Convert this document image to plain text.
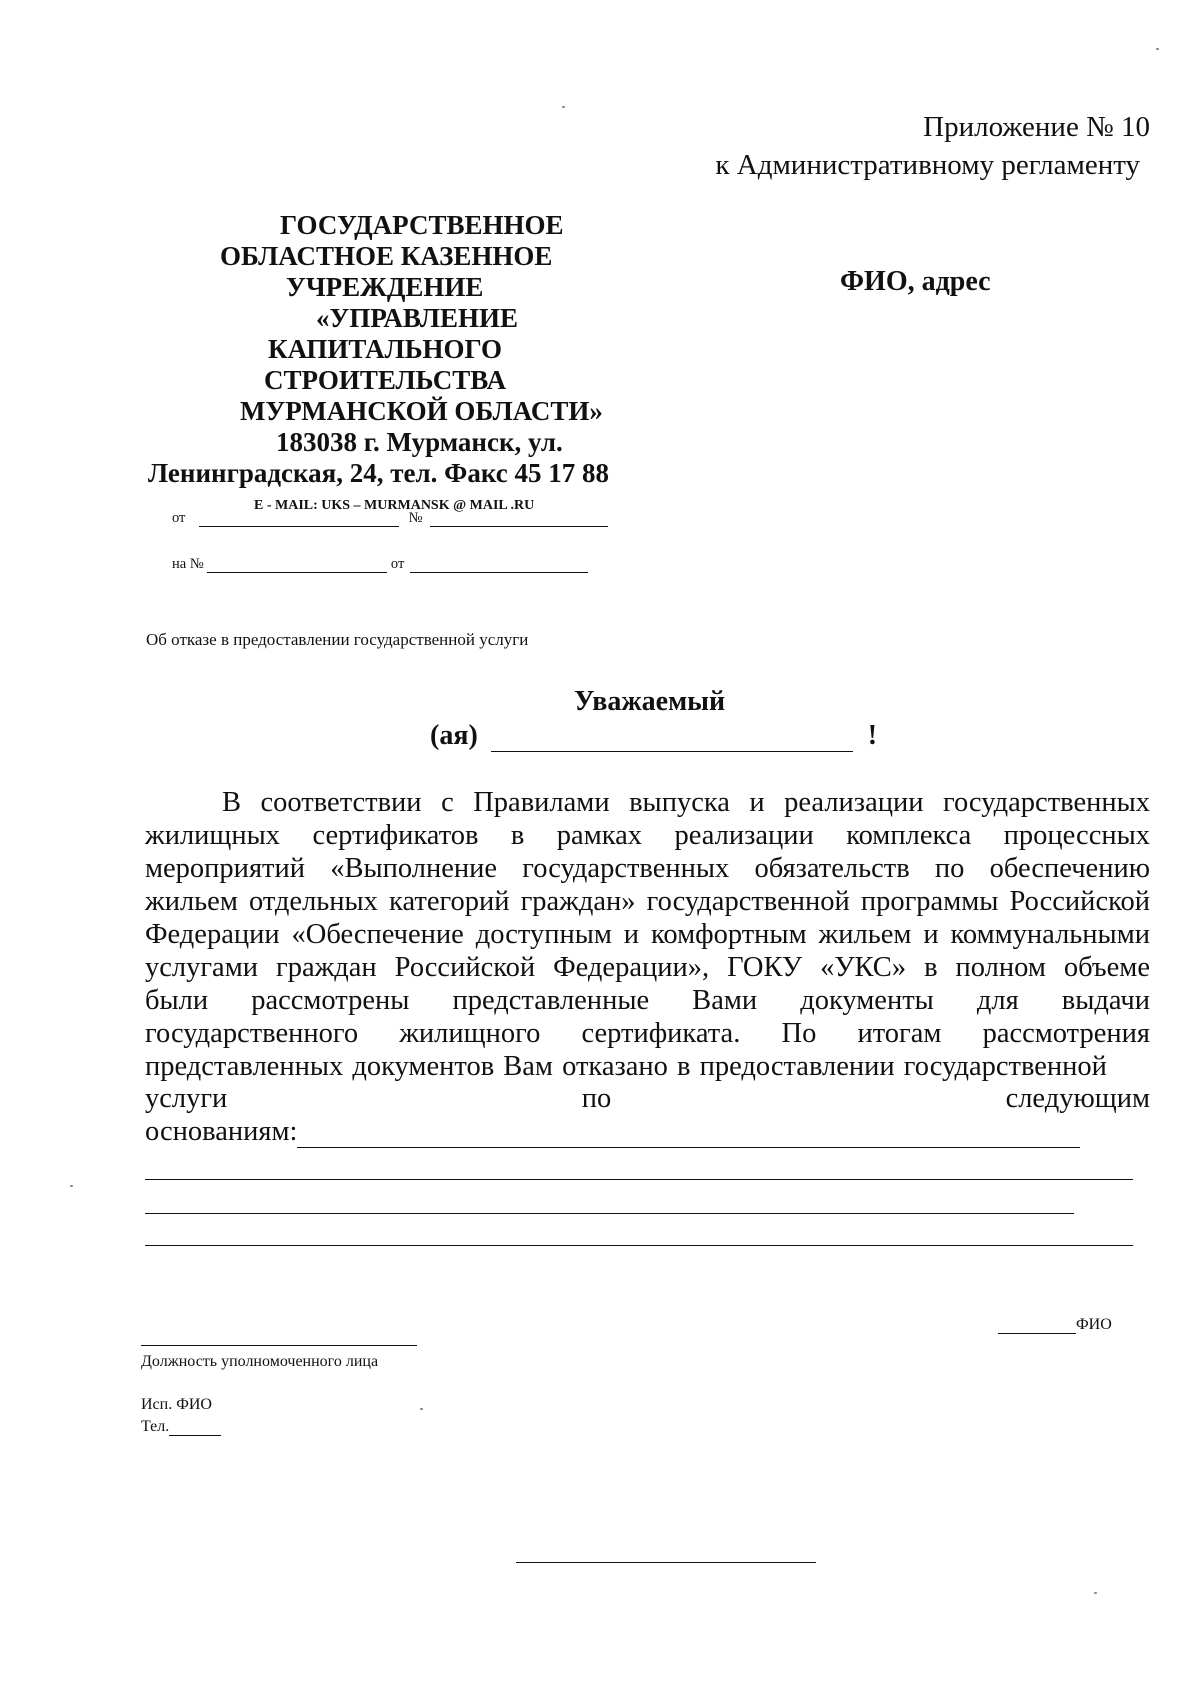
Приложение № 10
к Административному регламенту
ГОСУДАРСТВЕННОЕ
ОБЛАСТНОЕ КАЗЕННОЕ
УЧРЕЖДЕНИЕ
«УПРАВЛЕНИЕ
КАПИТАЛЬНОГО
СТРОИТЕЛЬСТВА
МУРМАНСКОЙ ОБЛАСТИ»
183038 г. Мурманск, ул.
Ленинградская, 24, тел. Факс 45 17 88
E - MAIL: UKS – MURMANSK @ MAIL .RU
от	№
на №	от
ФИО, адрес
Об отказе в предоставлении государственной услуги
Уважаемый
(ая)	!
В соответствии с Правилами выпуска и реализации государственных жилищных сертификатов в рамках реализации комплекса процессных мероприятий «Выполнение государственных обязательств по обеспечению жильем отдельных категорий граждан» государственной программы Российской Федерации «Обеспечение доступным и комфортным жильем и коммунальными услугами граждан Российской Федерации», ГОКУ «УКС» в полном объеме были рассмотрены представленные Вами документы для выдачи государственного жилищного сертификата. По итогам рассмотрения представленных документов Вам отказано в предоставлении государственной
услуги	по	следующим
основаниям:
ФИО
Должность уполномоченного лица
Исп. ФИО
Тел.
